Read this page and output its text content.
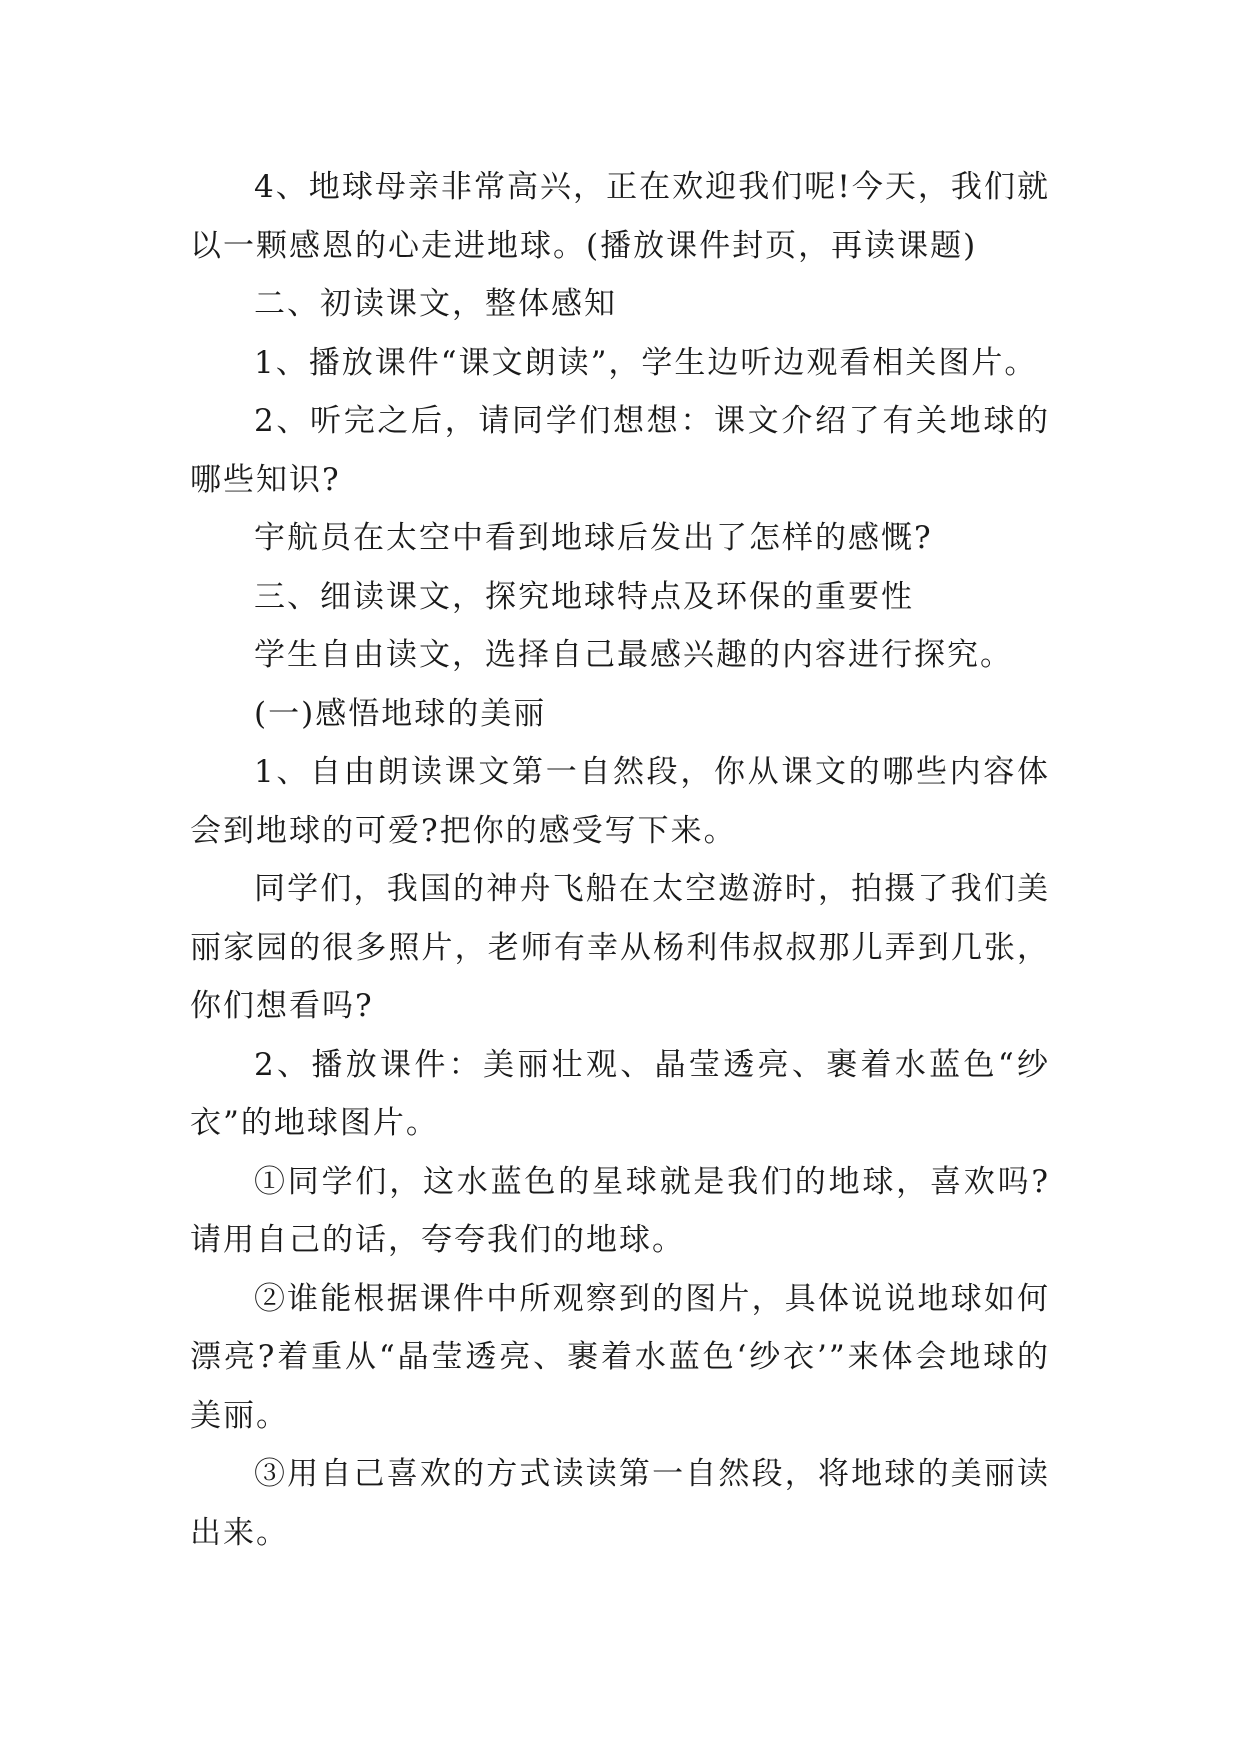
4、地球母亲非常高兴，正在欢迎我们呢!今天，我们就以一颗感恩的心走进地球。(播放课件封页，再读课题)

二、初读课文，整体感知

1、播放课件“课文朗读”，学生边听边观看相关图片。

2、听完之后，请同学们想想：课文介绍了有关地球的哪些知识?

宇航员在太空中看到地球后发出了怎样的感慨?

三、细读课文，探究地球特点及环保的重要性

学生自由读文，选择自己最感兴趣的内容进行探究。

(一)感悟地球的美丽

1、自由朗读课文第一自然段，你从课文的哪些内容体会到地球的可爱?把你的感受写下来。

同学们，我国的神舟飞船在太空遨游时，拍摄了我们美丽家园的很多照片，老师有幸从杨利伟叔叔那儿弄到几张，你们想看吗?

2、播放课件：美丽壮观、晶莹透亮、裹着水蓝色“纱衣”的地球图片。

①同学们，这水蓝色的星球就是我们的地球，喜欢吗?请用自己的话，夸夸我们的地球。

②谁能根据课件中所观察到的图片，具体说说地球如何漂亮?着重从“晶莹透亮、裹着水蓝色‘纱衣’”来体会地球的美丽。

③用自己喜欢的方式读读第一自然段，将地球的美丽读出来。
